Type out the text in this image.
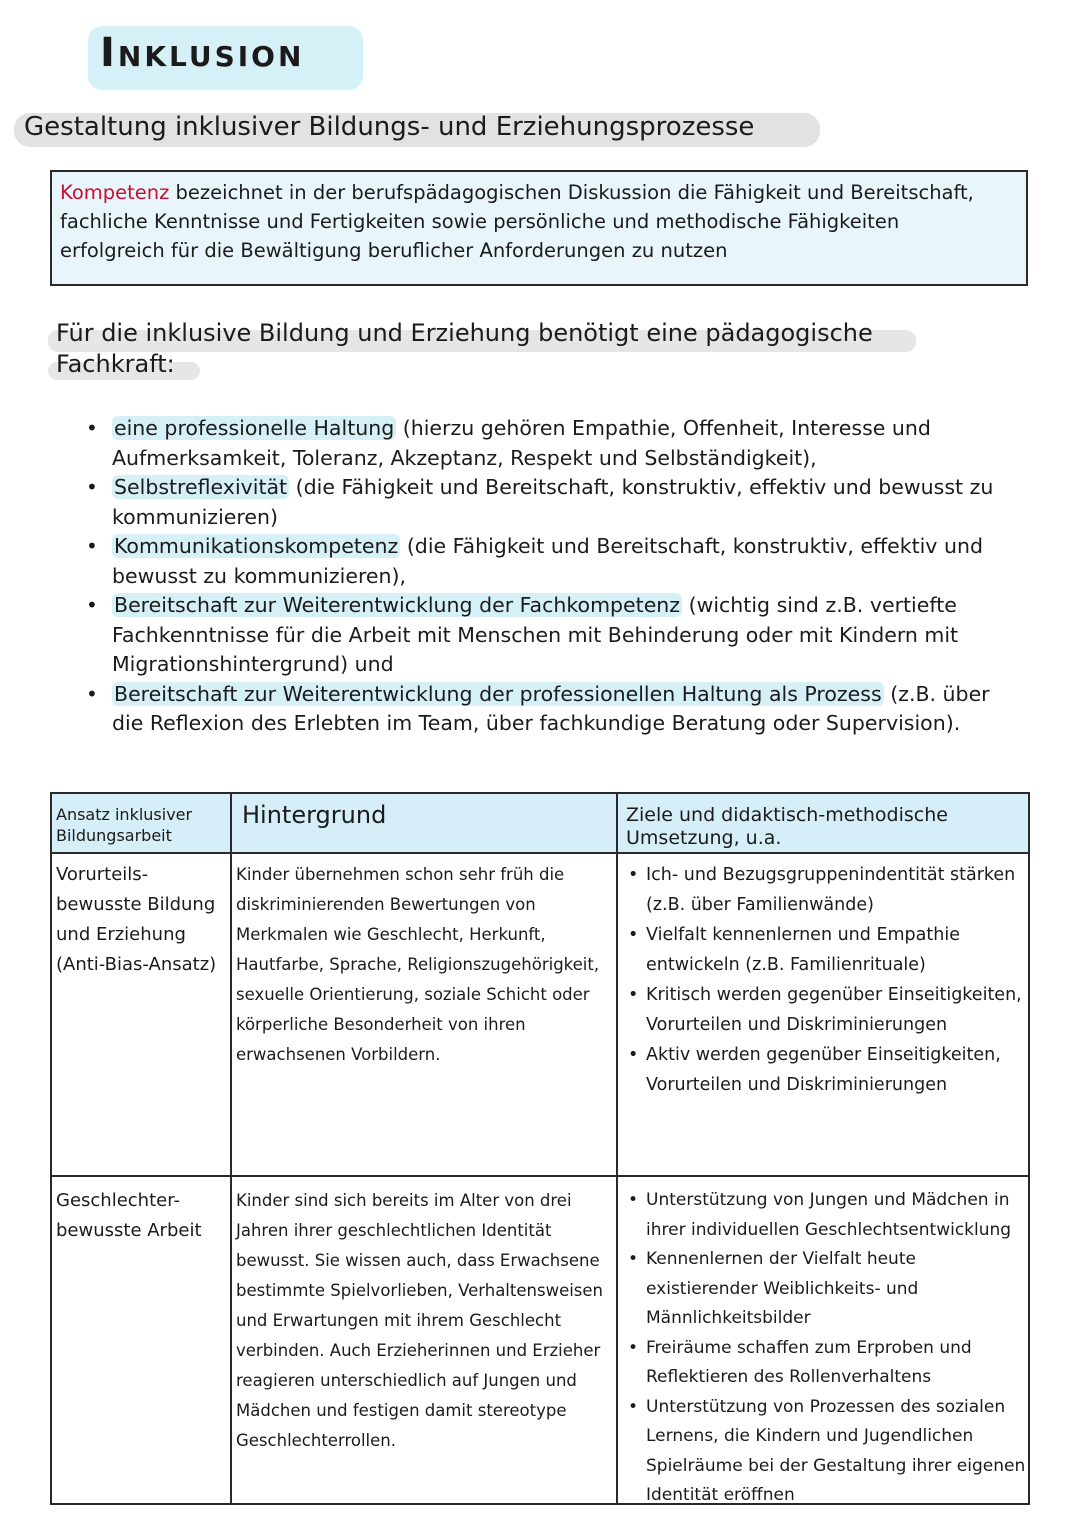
Inklusion
Gestaltung inklusiver Bildungs- und Erziehungsprozesse

Kompetenz bezeichnet in der berufspädagogischen Diskussion die Fähigkeit und Bereitschaft, fachliche Kenntnisse und Fertigkeiten sowie persönliche und methodische Fähigkeiten erfolgreich für die Bewältigung beruflicher Anforderungen zu nutzen

Für die inklusive Bildung und Erziehung benötigt eine pädagogische Fachkraft:

• eine professionelle Haltung (hierzu gehören Empathie, Offenheit, Interesse und Aufmerksamkeit, Toleranz, Akzeptanz, Respekt und Selbständigkeit),
• Selbstreflexivität (die Fähigkeit und Bereitschaft, konstruktiv, effektiv und bewusst zu kommunizieren)
• Kommunikationskompetenz (die Fähigkeit und Bereitschaft, konstruktiv, effektiv und bewusst zu kommunizieren),
• Bereitschaft zur Weiterentwicklung der Fachkompetenz (wichtig sind z.B. vertiefte Fachkenntnisse für die Arbeit mit Menschen mit Behinderung oder mit Kindern mit Migrationshintergrund) und
• Bereitschaft zur Weiterentwicklung der professionellen Haltung als Prozess (z.B. über die Reflexion des Erlebten im Team, über fachkundige Beratung oder Supervision).

Ansatz inklusiver Bildungsarbeit

Hintergrund	Ziele und didaktisch-methodische Umsetzung, u.a.

Vorurteils-bewusste Bildung und Erziehung (Anti-Bias-Ansatz)

Kinder übernehmen schon sehr früh die diskriminierenden Bewertungen von Merkmalen wie Geschlecht, Herkunft, Hautfarbe, Sprache, Religionszugehörigkeit, sexuelle Orientierung, soziale Schicht oder körperliche Besonderheit von ihren erwachsenen Vorbildern.

• Ich- und Bezugsgruppenindentität stärken (z.B. über Familienwände)
• Vielfalt kennenlernen und Empathie entwickeln (z.B. Familienrituale)
• Kritisch werden gegenüber Einseitigkeiten, Vorurteilen und Diskriminierungen
• Aktiv werden gegenüber Einseitigkeiten, Vorurteilen und Diskriminierungen

Geschlechter-bewusste Arbeit

Kinder sind sich bereits im Alter von drei Jahren ihrer geschlechtlichen Identität bewusst. Sie wissen auch, dass Erwachsene bestimmte Spielvorlieben, Verhaltensweisen und Erwartungen mit ihrem Geschlecht verbinden. Auch Erzieherinnen und Erzieher reagieren unterschiedlich auf Jungen und Mädchen und festigen damit stereotype Geschlechterrollen.

• Unterstützung von Jungen und Mädchen in ihrer individuellen Geschlechtsentwicklung
• Kennenlernen der Vielfalt heute existierender Weiblichkeits- und Männlichkeitsbilder
• Freiräume schaffen zum Erproben und Reflektieren des Rollenverhaltens
• Unterstützung von Prozessen des sozialen Lernens, die Kindern und Jugendlichen Spielräume bei der Gestaltung ihrer eigenen Identität eröffnen
